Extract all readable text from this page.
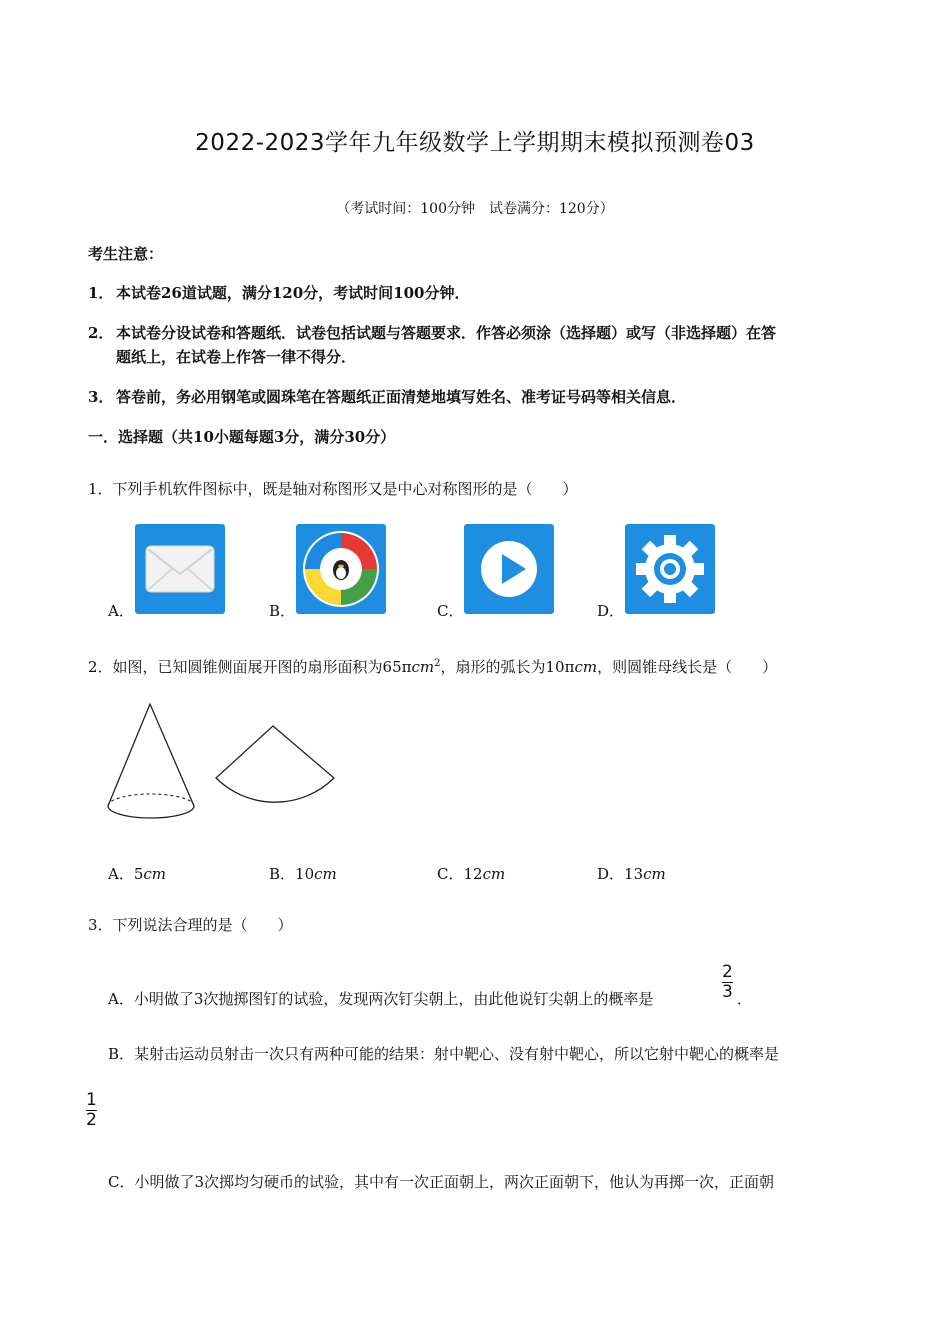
2022-2023学年九年级数学上学期期末模拟预测卷03
（考试时间：100分钟　试卷满分：120分）
考生注意：
1． 本试卷26道试题，满分120分，考试时间100分钟．
2． 本试卷分设试卷和答题纸．试卷包括试题与答题要求．作答必须涂（选择题）或写（非选择题）在答
题纸上，在试卷上作答一律不得分．
3． 答卷前，务必用钢笔或圆珠笔在答题纸正面清楚地填写姓名、准考证号码等相关信息．
一．选择题（共10小题每题3分，满分30分）
1．下列手机软件图标中，既是轴对称图形又是中心对称图形的是（　　）
A．	B．	C．	D．
2．如图，已知圆锥侧面展开图的扇形面积为65πcm$^2$，扇形的弧长为10πcm，则圆锥母线长是（　　）
A．5cm	B．10cm	C．12cm	D．13cm
3．下列说法合理的是（　　）
A．小明做了3次抛掷图钉的试验，发现两次钉尖朝上，由此他说钉尖朝上的概率是
2
3 ．
B．某射击运动员射击一次只有两种可能的结果：射中靶心、没有射中靶心，所以它射中靶心的概率是
1
2
C．小明做了3次掷均匀硬币的试验，其中有一次正面朝上，两次正面朝下，他认为再掷一次，正面朝
